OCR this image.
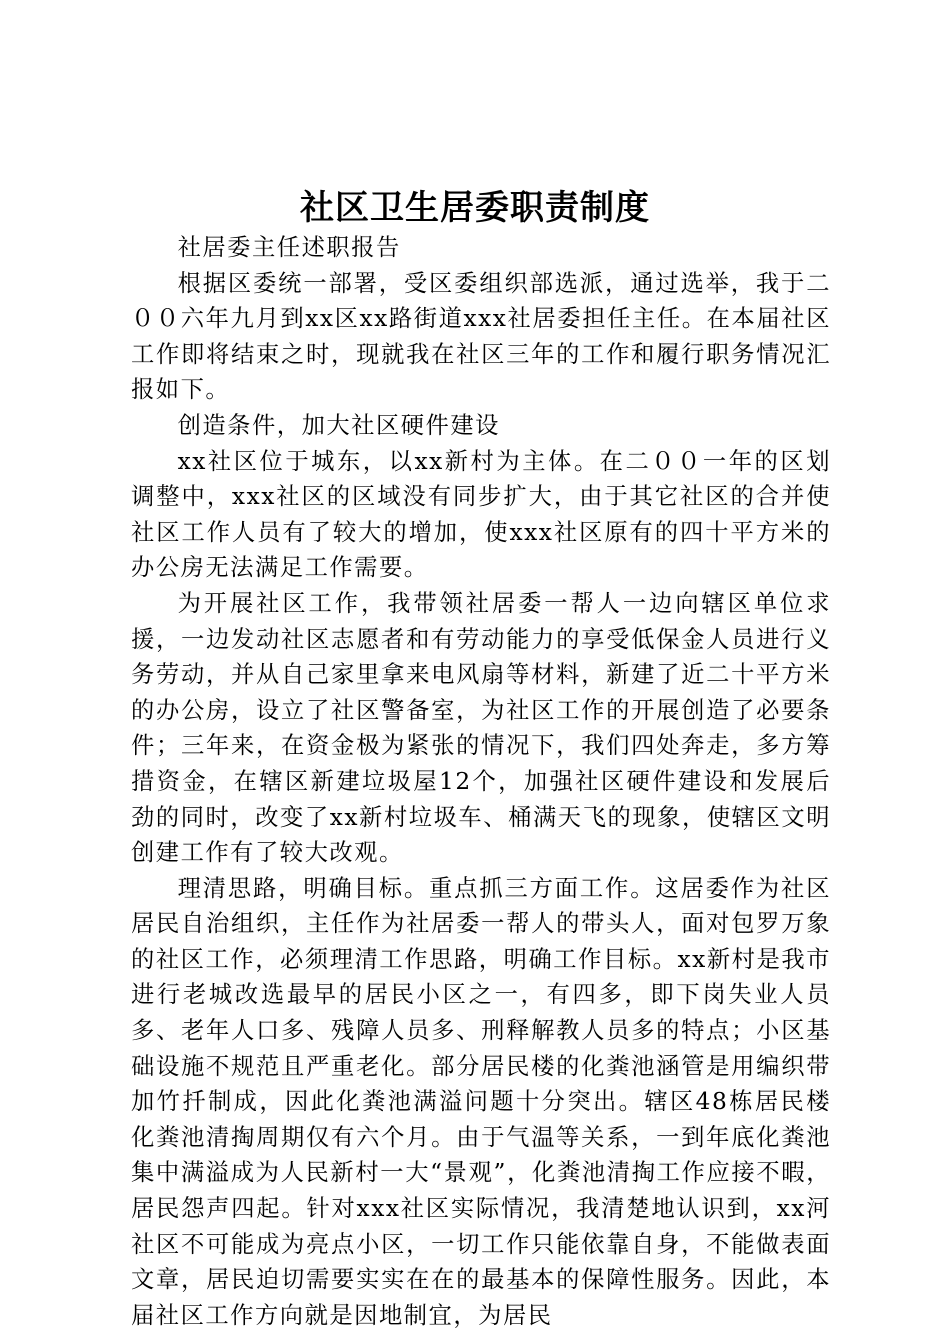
社区卫生居委职责制度

社居委主任述职报告

根据区委统一部署，受区委组织部选派，通过选举，我于二００六年九月到xx区xx路街道xxx社居委担任主任。在本届社区工作即将结束之时，现就我在社区三年的工作和履行职务情况汇报如下。

创造条件，加大社区硬件建设

xx社区位于城东，以xx新村为主体。在二００一年的区划调整中，xxx社区的区域没有同步扩大，由于其它社区的合并使社区工作人员有了较大的增加，使xxx社区原有的四十平方米的办公房无法满足工作需要。

为开展社区工作，我带领社居委一帮人一边向辖区单位求援，一边发动社区志愿者和有劳动能力的享受低保金人员进行义务劳动，并从自己家里拿来电风扇等材料，新建了近二十平方米的办公房，设立了社区警备室，为社区工作的开展创造了必要条件；三年来，在资金极为紧张的情况下，我们四处奔走，多方筹措资金，在辖区新建垃圾屋12个，加强社区硬件建设和发展后劲的同时，改变了xx新村垃圾车、桶满天飞的现象，使辖区文明创建工作有了较大改观。

理清思路，明确目标。重点抓三方面工作。这居委作为社区居民自治组织，主任作为社居委一帮人的带头人，面对包罗万象的社区工作，必须理清工作思路，明确工作目标。xx新村是我市进行老城改选最早的居民小区之一，有四多，即下岗失业人员多、老年人口多、残障人员多、刑释解教人员多的特点；小区基础设施不规范且严重老化。部分居民楼的化粪池涵管是用编织带加竹扦制成，因此化粪池满溢问题十分突出。辖区48栋居民楼化粪池清掏周期仅有六个月。由于气温等关系，一到年底化粪池集中满溢成为人民新村一大“景观”，化粪池清掏工作应接不暇，居民怨声四起。针对xxx社区实际情况，我清楚地认识到，xx河社区不可能成为亮点小区，一切工作只能依靠自身，不能做表面文章，居民迫切需要实实在在的最基本的保障性服务。因此，本届社区工作方向就是因地制宜，为居民
